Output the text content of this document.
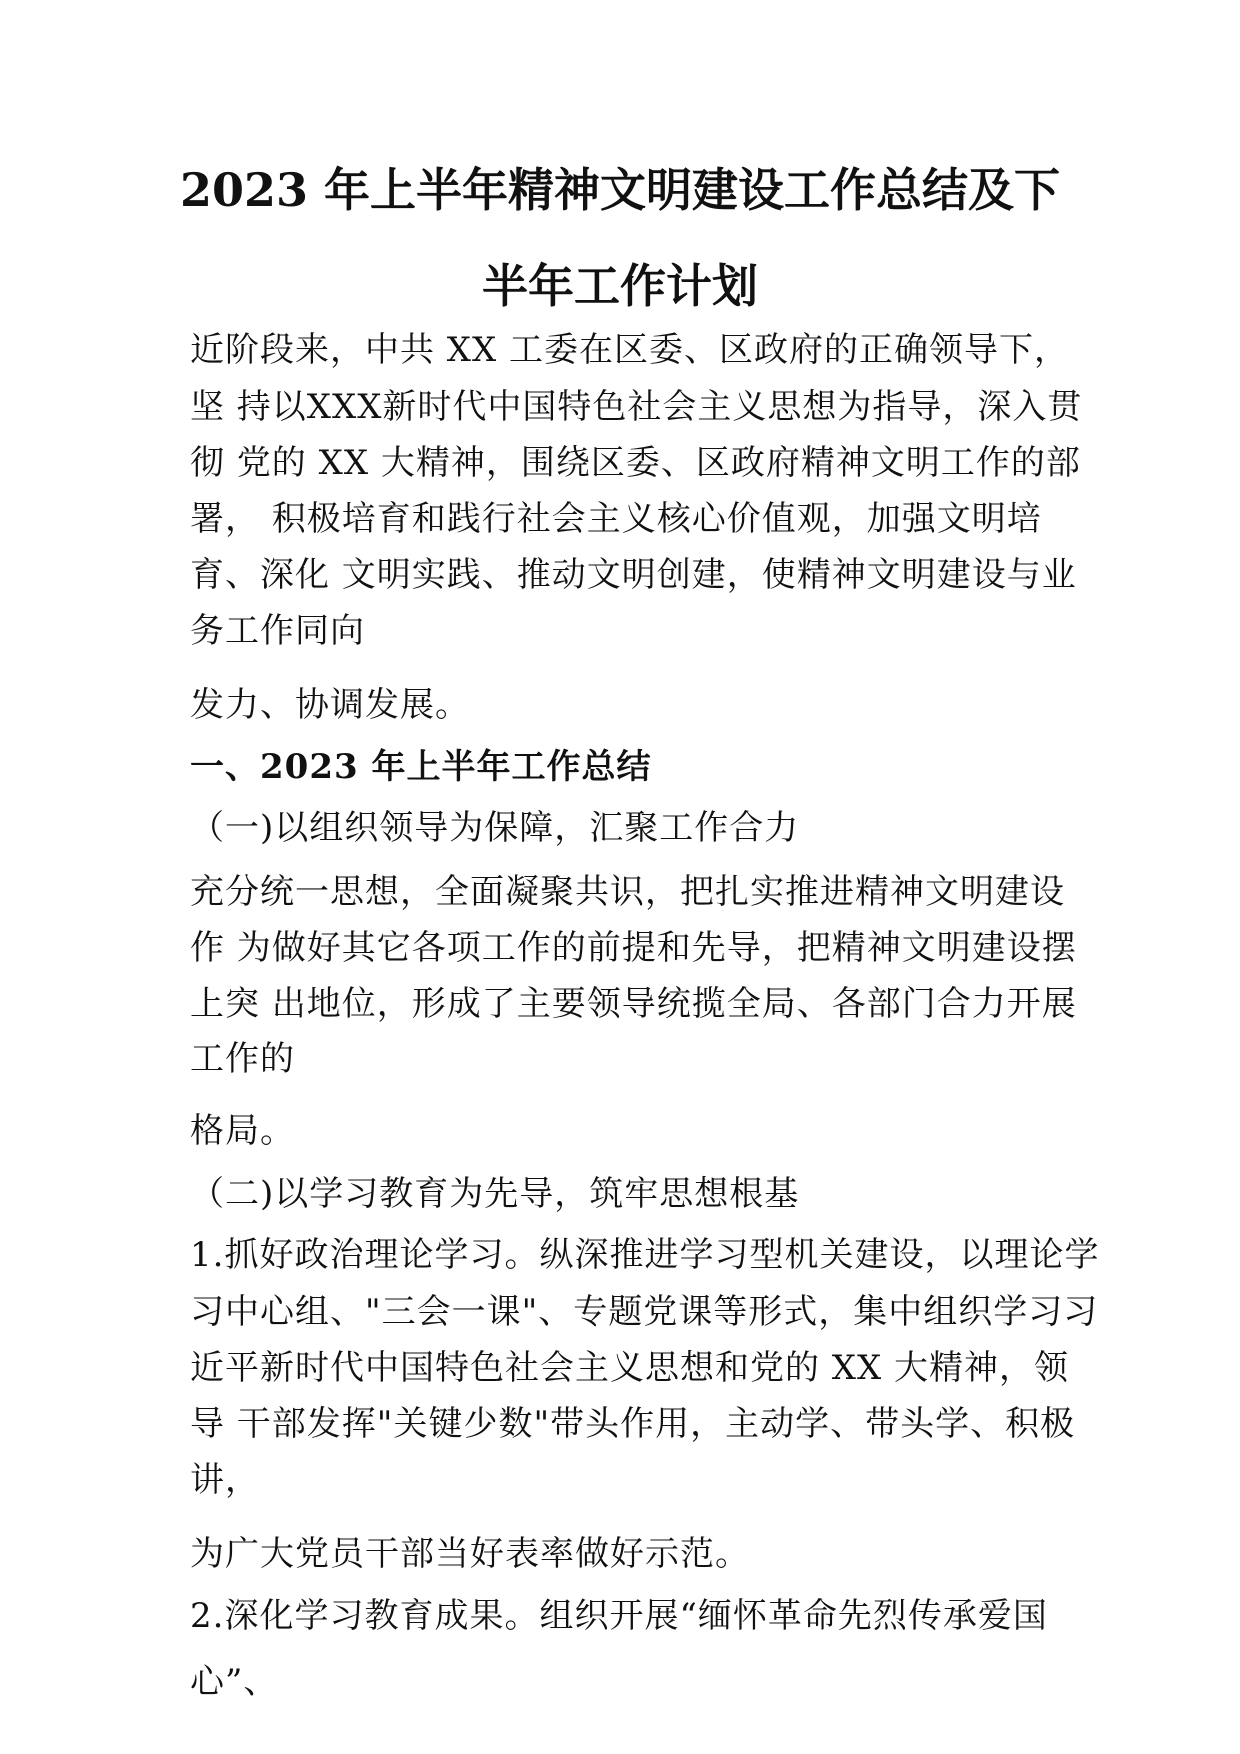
2023 年上半年精神文明建设工作总结及下
半年工作计划
近阶段来，中共 XX 工委在区委、区政府的正确领导下，
坚 持以XXX新时代中国特色社会主义思想为指导，深入贯
彻 党的 XX 大精神，围绕区委、区政府精神文明工作的部
署， 积极培育和践行社会主义核心价值观，加强文明培
育、深化 文明实践、推动文明创建，使精神文明建设与业
务工作同向
发力、协调发展。
一、2023 年上半年工作总结
（一)以组织领导为保障，汇聚工作合力
充分统一思想，全面凝聚共识，把扎实推进精神文明建设
作 为做好其它各项工作的前提和先导，把精神文明建设摆
上突 出地位，形成了主要领导统揽全局、各部门合力开展
工作的
格局。
（二)以学习教育为先导，筑牢思想根基
1.抓好政治理论学习。纵深推进学习型机关建设，以理论学
习中心组、"三会一课"、专题党课等形式，集中组织学习习
近平新时代中国特色社会主义思想和党的 XX 大精神，领
导 干部发挥"关键少数"带头作用，主动学、带头学、积极
讲，
为广大党员干部当好表率做好示范。
2.深化学习教育成果。组织开展“缅怀革命先烈传承爱国
心”、
